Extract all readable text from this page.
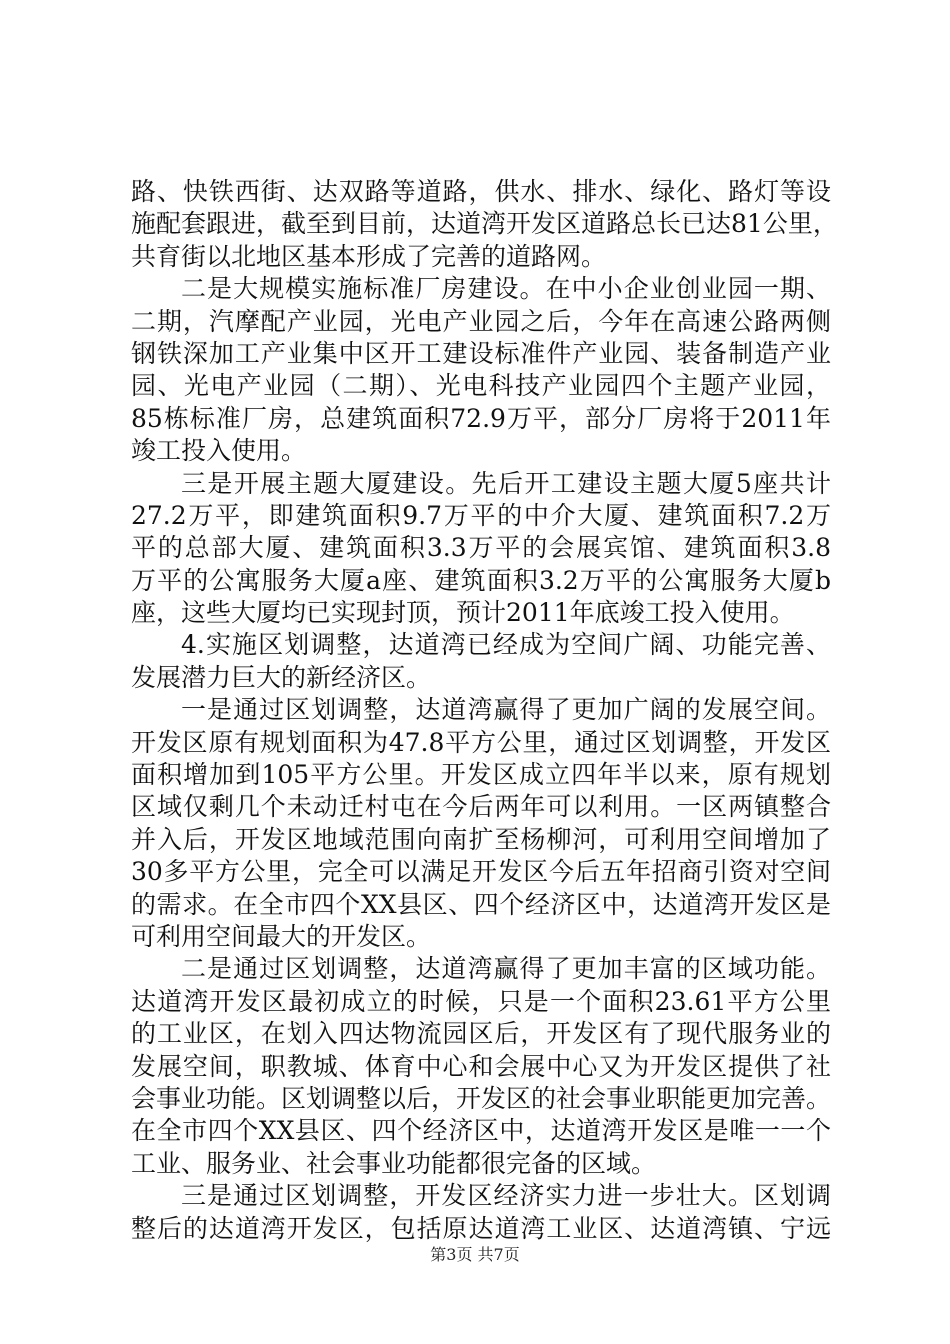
路、快铁西街、达双路等道路，供水、排水、绿化、路灯等设
施配套跟进，截至到目前，达道湾开发区道路总长已达81公里，
共育街以北地区基本形成了完善的道路网。
二是大规模实施标准厂房建设。在中小企业创业园一期、
二期，汽摩配产业园，光电产业园之后，今年在高速公路两侧
钢铁深加工产业集中区开工建设标准件产业园、装备制造产业
园、光电产业园（二期）、光电科技产业园四个主题产业园，
85栋标准厂房，总建筑面积72.9万平，部分厂房将于2011年
竣工投入使用。
三是开展主题大厦建设。先后开工建设主题大厦5座共计
27.2万平，即建筑面积9.7万平的中介大厦、建筑面积7.2万
平的总部大厦、建筑面积3.3万平的会展宾馆、建筑面积3.8
万平的公寓服务大厦a座、建筑面积3.2万平的公寓服务大厦b
座，这些大厦均已实现封顶，预计2011年底竣工投入使用。
4.实施区划调整，达道湾已经成为空间广阔、功能完善、
发展潜力巨大的新经济区。
一是通过区划调整，达道湾赢得了更加广阔的发展空间。
开发区原有规划面积为47.8平方公里，通过区划调整，开发区
面积增加到105平方公里。开发区成立四年半以来，原有规划
区域仅剩几个未动迁村屯在今后两年可以利用。一区两镇整合
并入后，开发区地域范围向南扩至杨柳河，可利用空间增加了
30多平方公里，完全可以满足开发区今后五年招商引资对空间
的需求。在全市四个XX县区、四个经济区中，达道湾开发区是
可利用空间最大的开发区。
二是通过区划调整，达道湾赢得了更加丰富的区域功能。
达道湾开发区最初成立的时候，只是一个面积23.61平方公里
的工业区，在划入四达物流园区后，开发区有了现代服务业的
发展空间，职教城、体育中心和会展中心又为开发区提供了社
会事业功能。区划调整以后，开发区的社会事业职能更加完善。
在全市四个XX县区、四个经济区中，达道湾开发区是唯一一个
工业、服务业、社会事业功能都很完备的区域。
三是通过区划调整，开发区经济实力进一步壮大。区划调
整后的达道湾开发区，包括原达道湾工业区、达道湾镇、宁远
第3页 共7页
